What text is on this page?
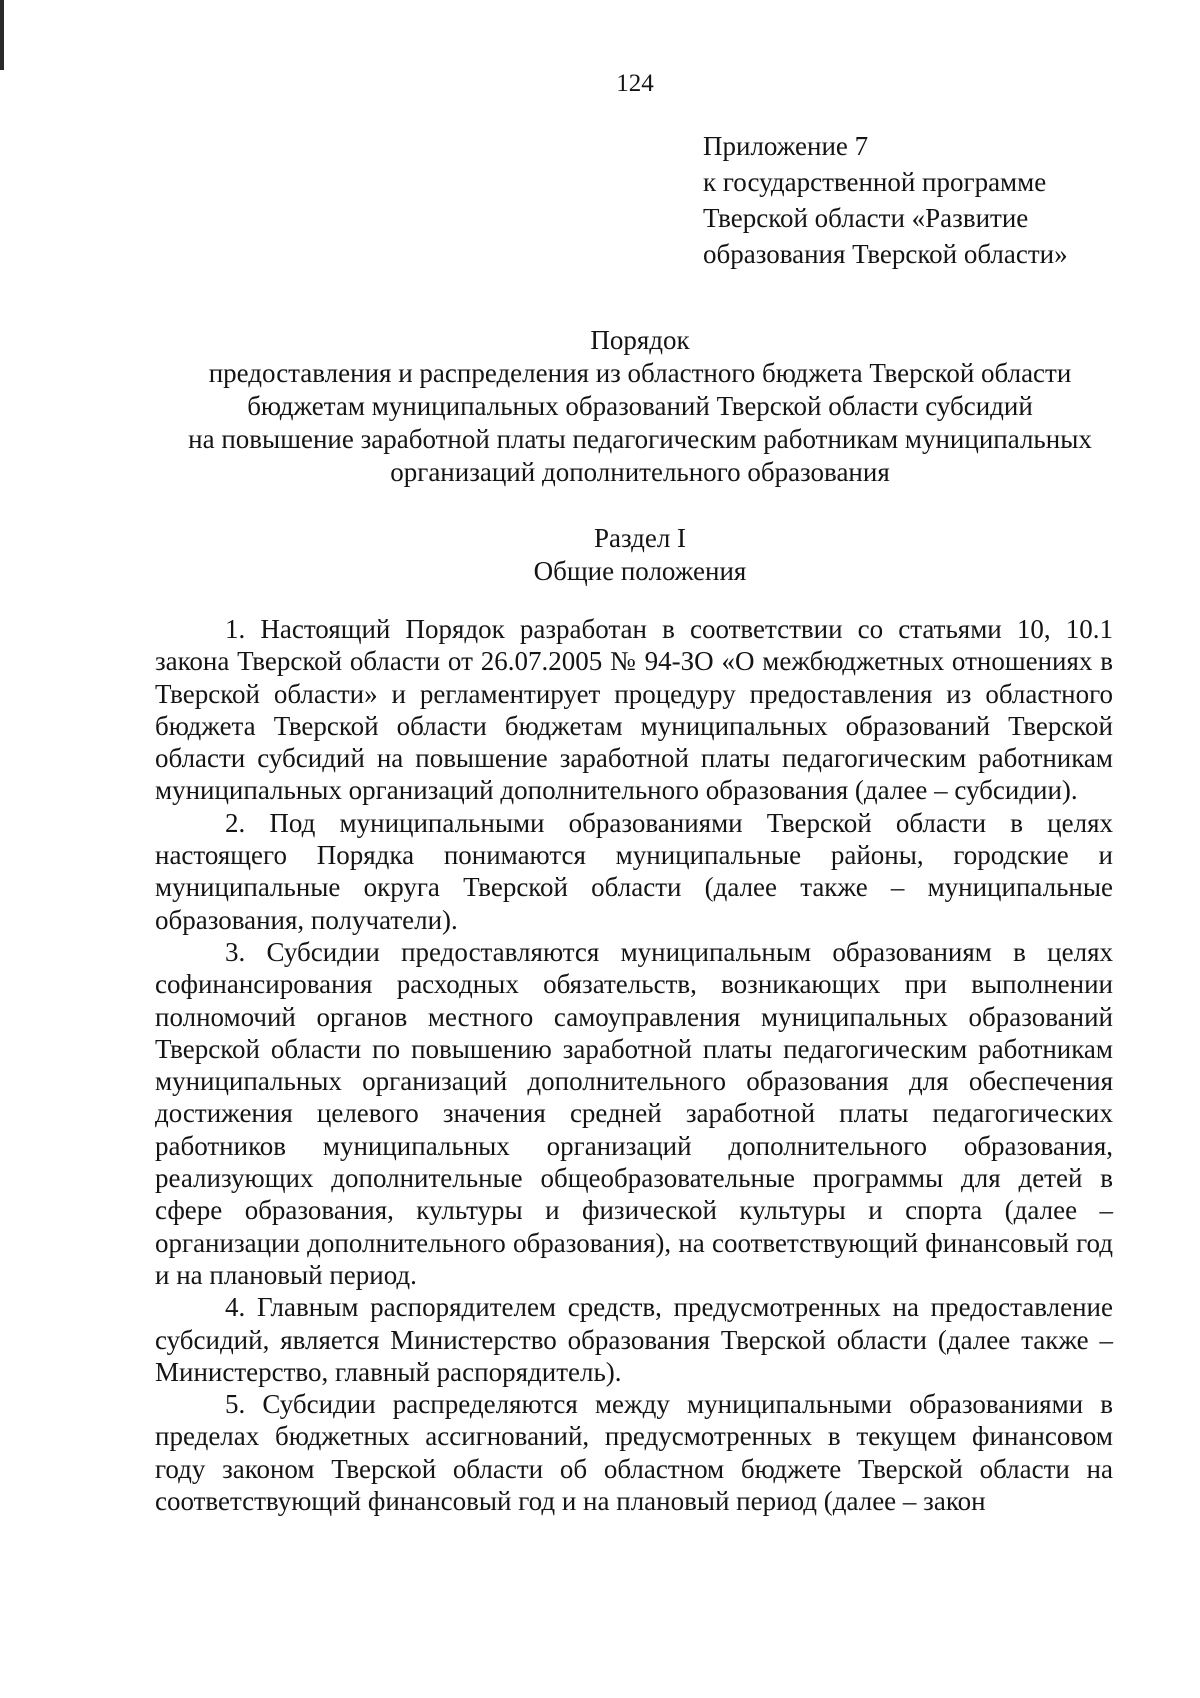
124
Приложение 7
к государственной программе
Тверской области «Развитие
образования Тверской области»
Порядок
предоставления и распределения из областного бюджета Тверской области
бюджетам муниципальных образований Тверской области субсидий
на повышение заработной платы педагогическим работникам муниципальных
организаций дополнительного образования
Раздел I
Общие положения

1. Настоящий Порядок разработан в соответствии со статьями 10, 10.1 закона Тверской области от 26.07.2005 № 94-ЗО «О межбюджетных отношениях в Тверской области» и регламентирует процедуру предоставления из областного бюджета Тверской области бюджетам муниципальных образований Тверской области субсидий на повышение заработной платы педагогическим работникам муниципальных организаций дополнительного образования (далее – субсидии).

2. Под муниципальными образованиями Тверской области в целях настоящего Порядка понимаются муниципальные районы, городские и муниципальные округа Тверской области (далее также – муниципальные образования, получатели).

3. Субсидии предоставляются муниципальным образованиям в целях софинансирования расходных обязательств, возникающих при выполнении полномочий органов местного самоуправления муниципальных образований Тверской области по повышению заработной платы педагогическим работникам муниципальных организаций дополнительного образования для обеспечения достижения целевого значения средней заработной платы педагогических работников муниципальных организаций дополнительного образования, реализующих дополнительные общеобразовательные программы для детей в сфере образования, культуры и физической культуры и спорта (далее – организации дополнительного образования), на соответствующий финансовый год и на плановый период.

4. Главным распорядителем средств, предусмотренных на предоставление субсидий, является Министерство образования Тверской области (далее также – Министерство, главный распорядитель).

5. Субсидии распределяются между муниципальными образованиями в пределах бюджетных ассигнований, предусмотренных в текущем финансовом году законом Тверской области об областном бюджете Тверской области на соответствующий финансовый год и на плановый период (далее – закон
